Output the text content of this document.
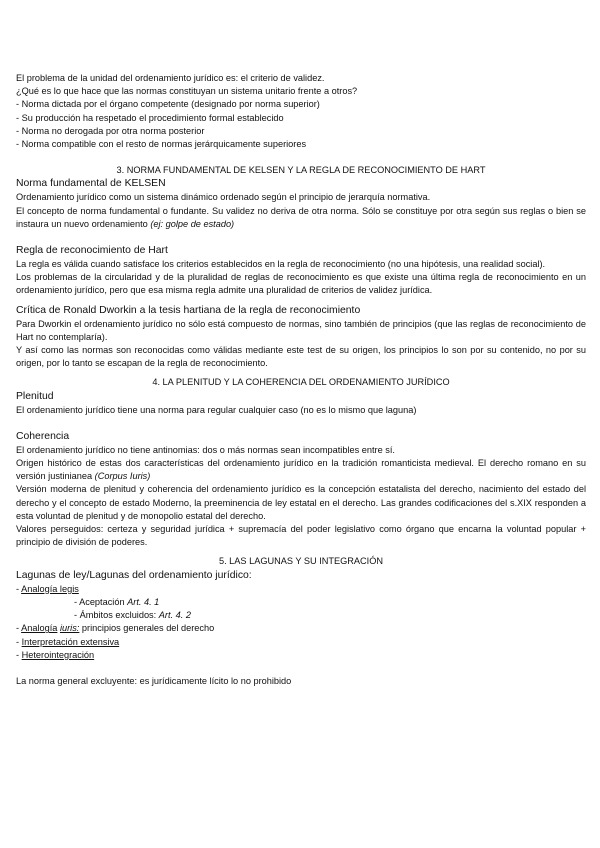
El problema de la unidad del ordenamiento jurídico es: el criterio de validez.

¿Qué es lo que hace que las normas constituyan un sistema unitario frente a otros?

- Norma dictada por el órgano competente (designado por norma superior)

- Su producción ha respetado el procedimiento formal establecido

- Norma no derogada por otra norma posterior

- Norma compatible con el resto de normas jerárquicamente superiores

3. NORMA FUNDAMENTAL DE KELSEN Y LA REGLA DE RECONOCIMIENTO DE HART

Norma fundamental de KELSEN

Ordenamiento jurídico como un sistema dinámico ordenado según el principio de jerarquía normativa.

El concepto de norma fundamental o fundante. Su validez no deriva de otra norma. Sólo se constituye por otra según sus reglas o bien se instaura un nuevo ordenamiento (ej: golpe de estado)

Regla de reconocimiento de Hart

La regla es válida cuando satisface los criterios establecidos en la regla de reconocimiento (no una hipótesis, una realidad social).

Los problemas de la circularidad y de la pluralidad de reglas de reconocimiento es que existe una última regla de reconocimiento en un ordenamiento jurídico, pero que esa misma regla admite una pluralidad de criterios de validez jurídica.

Crítica de Ronald Dworkin a la tesis hartiana de la regla de reconocimiento

Para Dworkin el ordenamiento jurídico no sólo está compuesto de normas, sino también de principios (que las reglas de reconocimiento de Hart no contemplaría).

Y así como las normas son reconocidas como válidas mediante este test de su origen, los principios lo son por su contenido, no por su origen, por lo tanto se escapan de la regla de reconocimiento.

4. LA PLENITUD Y LA COHERENCIA DEL ORDENAMIENTO JURÍDICO

Plenitud

El ordenamiento jurídico tiene una norma para regular cualquier caso (no es lo mismo que laguna)

Coherencia

El ordenamiento jurídico no tiene antinomias: dos o más normas sean incompatibles entre sí.

Origen histórico de estas dos características del ordenamiento jurídico en la tradición romanticista medieval. El derecho romano en su versión justinianea (Corpus Iuris)

Versión moderna de plenitud y coherencia del ordenamiento jurídico es la concepción estatalista del derecho, nacimiento del estado del derecho y el concepto de estado Moderno, la preeminencia de ley estatal en el derecho. Las grandes codificaciones del s.XIX responden a esta voluntad de plenitud y de monopolio estatal del derecho.

Valores perseguidos: certeza y seguridad jurídica + supremacía del poder legislativo como órgano que encarna la voluntad popular + principio de división de poderes.

5. LAS LAGUNAS Y SU INTEGRACIÓN

Lagunas de ley/Lagunas del ordenamiento jurídico:

- Analogía legis

- Aceptación Art. 4. 1

- Ámbitos excluidos: Art. 4. 2

- Analogía iuris: principios generales del derecho

- Interpretación extensiva

- Heterointegración

La norma general excluyente: es jurídicamente lícito lo no prohibido
